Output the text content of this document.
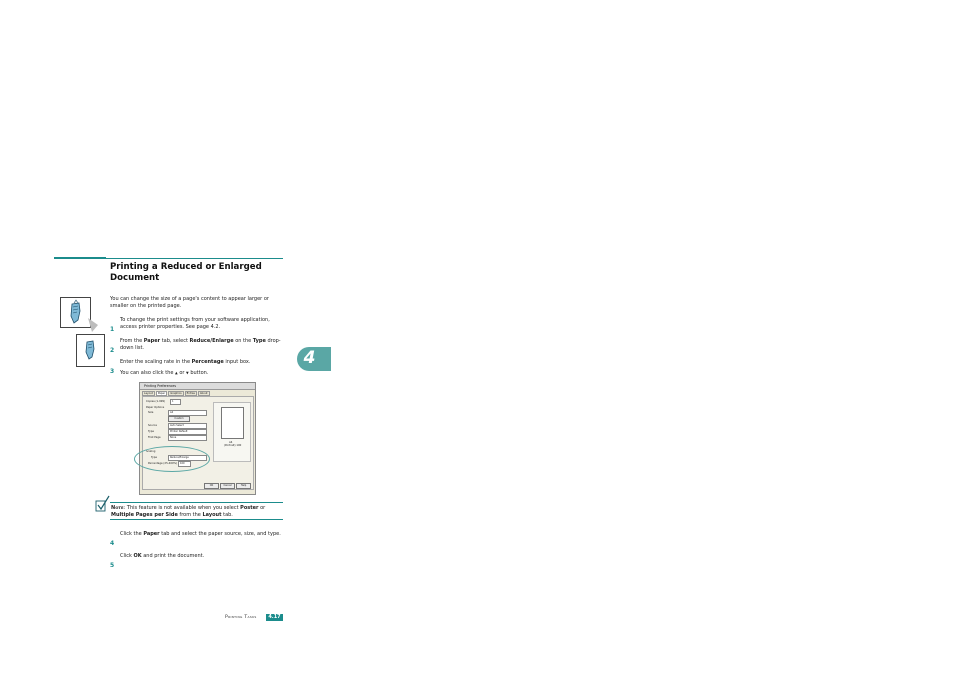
Printing a Reduced or Enlarged Document
You can change the size of a page's content to appear larger or smaller on the printed page.
1
To change the print settings from your software application, access printer properties. See page 4.2.
2
From the Paper tab, select Reduce/Enlarge on the Type drop-down list.
3
Enter the scaling rate in the Percentage input box.
You can also click the ▲ or ▼ button.
Printing Preferences
Layout Paper Graphics Extras About
Copies (1-999)	1
Paper Options
Size	A4
Custom
Source	Auto Select
Type	Printer Default
First Page	None
Scaling
Type	Reduce/Enlarge
Percentage (25-400%)	100
A4
(Portrait) 100
OK	Cancel	Help
NOTE: This feature is not available when you select Poster or Multiple Pages per Side from the Layout tab.
4
Click the Paper tab and select the paper source, size, and type.
5
Click OK and print the document.
4
Printing Tasks	4.17
